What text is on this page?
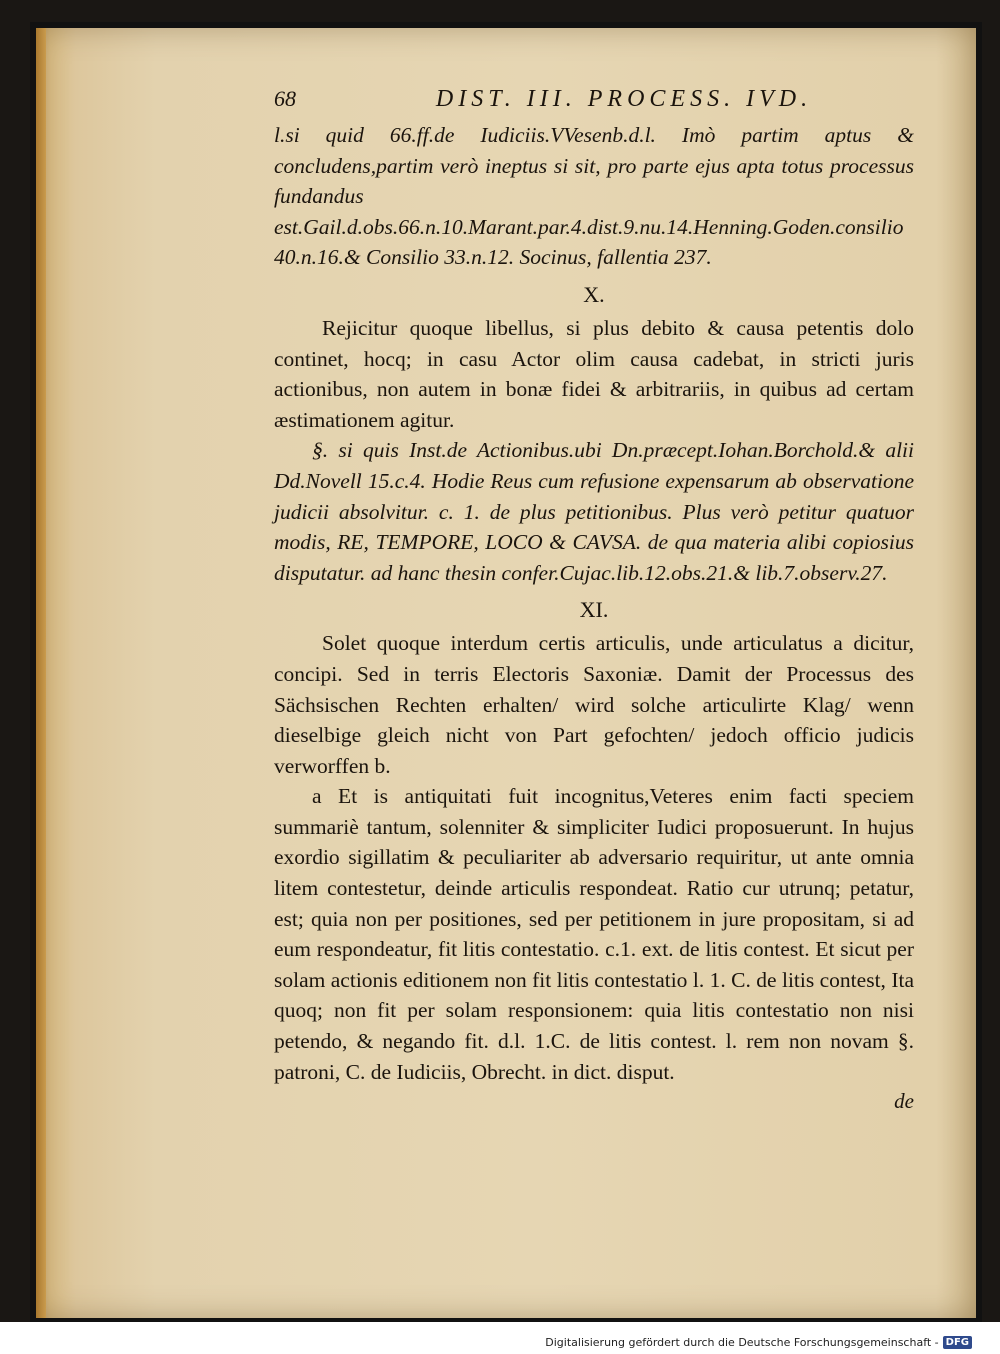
68	DIST. III. PROCESS. IVD.

l.si quid 66.ff.de Iudiciis.VVesenb.d.l. Imò partim aptus & concludens,partim verò ineptus si sit, pro parte ejus apta totus processus fundandus est.Gail.d.obs.66.n.10.Marant.par.4.dist.9.nu.14.Henning.Goden.consilio 40.n.16.& Consilio 33.n.12. Socinus, fallentia 237.

X.

Rejicitur quoque libellus, si plus debito & causa petentis dolo continet, hocq; in casu Actor olim causa cadebat, in stricti juris actionibus, non autem in bonæ fidei & arbitrariis, in quibus ad certam æstimationem agitur.

§. si quis Inst.de Actionibus.ubi Dn.præcept.Iohan.Borchold.& alii Dd.Novell 15.c.4. Hodie Reus cum refusione expensarum ab observatione judicii absolvitur. c. 1. de plus petitionibus. Plus verò petitur quatuor modis, RE, TEMPORE, LOCO & CAVSA. de qua materia alibi copiosius disputatur. ad hanc thesin confer.Cujac.lib.12.obs.21.& lib.7.observ.27.

XI.

Solet quoque interdum certis articulis, unde articulatus a dicitur, concipi. Sed in terris Electoris Saxoniæ. Damit der Processus des Sächsischen Rechten erhalten/ wird solche articulirte Klag/ wenn dieselbige gleich nicht von Part gefochten/ jedoch officio judicis verworffen b.

a Et is antiquitati fuit incognitus,Veteres enim facti speciem summariè tantum, solenniter & simpliciter Iudici proposuerunt. In hujus exordio sigillatim & peculiariter ab adversario requiritur, ut ante omnia litem contestetur, deinde articulis respondeat. Ratio cur utrunq; petatur, est; quia non per positiones, sed per petitionem in jure propositam, si ad eum respondeatur, fit litis contestatio. c.1. ext. de litis contest. Et sicut per solam actionis editionem non fit litis contestatio l. 1. C. de litis contest, Ita quoq; non fit per solam responsionem: quia litis contestatio non nisi petendo, & negando fit. d.l. 1.C. de litis contest. l. rem non novam §. patroni, C. de Iudiciis, Obrecht. in dict. disput.

de
Digitalisierung gefördert durch die Deutsche Forschungsgemeinschaft - DFG
